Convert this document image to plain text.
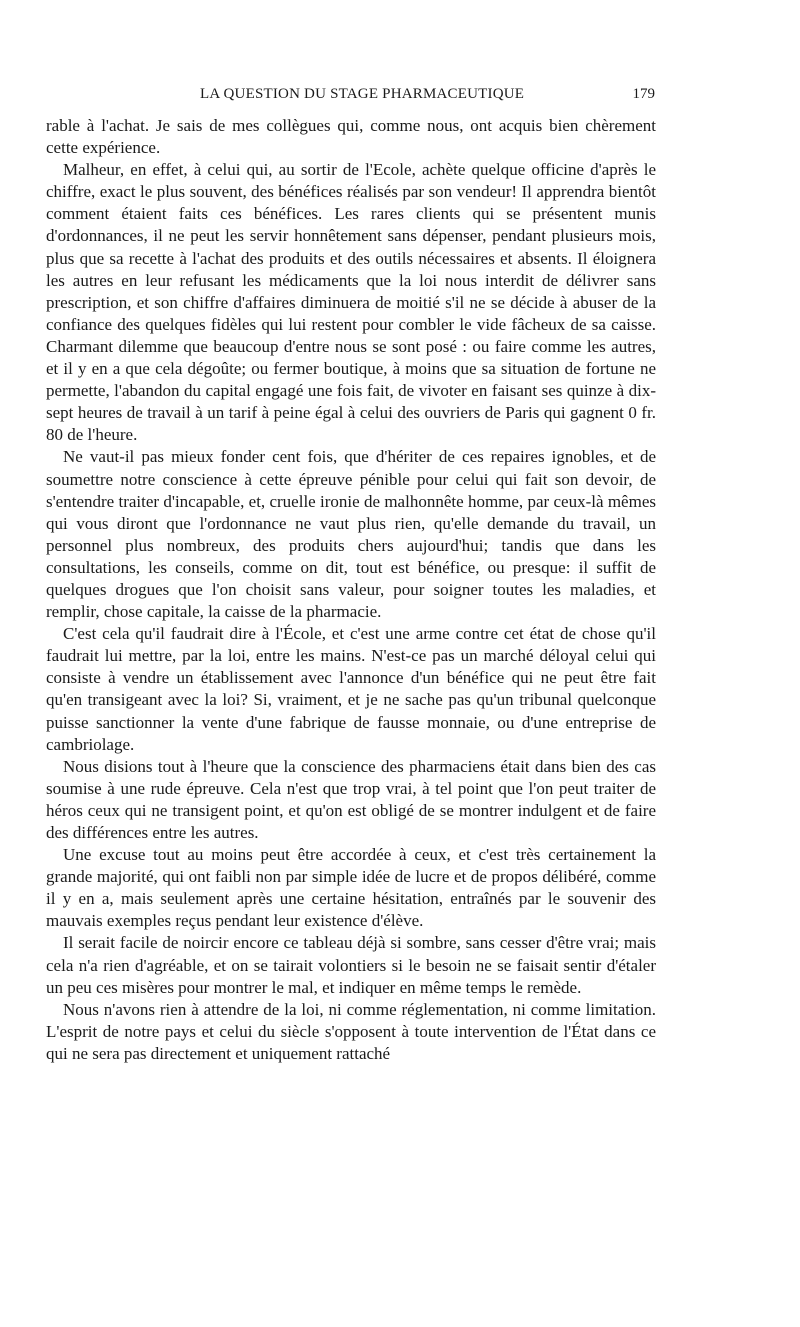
LA QUESTION DU STAGE PHARMACEUTIQUE	179

rable à l'achat. Je sais de mes collègues qui, comme nous, ont acquis bien chèrement cette expérience.

Malheur, en effet, à celui qui, au sortir de l'Ecole, achète quelque officine d'après le chiffre, exact le plus souvent, des bénéfices réalisés par son vendeur! Il apprendra bientôt comment étaient faits ces bénéfices. Les rares clients qui se présentent munis d'ordonnances, il ne peut les servir honnêtement sans dépenser, pendant plusieurs mois, plus que sa recette à l'achat des produits et des outils nécessaires et absents. Il éloignera les autres en leur refusant les médicaments que la loi nous interdit de délivrer sans prescription, et son chiffre d'affaires diminuera de moitié s'il ne se décide à abuser de la confiance des quelques fidèles qui lui restent pour combler le vide fâcheux de sa caisse. Charmant dilemme que beaucoup d'entre nous se sont posé : ou faire comme les autres, et il y en a que cela dégoûte; ou fermer boutique, à moins que sa situation de fortune ne permette, l'abandon du capital engagé une fois fait, de vivoter en faisant ses quinze à dix-sept heures de travail à un tarif à peine égal à celui des ouvriers de Paris qui gagnent 0 fr. 80 de l'heure.

Ne vaut-il pas mieux fonder cent fois, que d'hériter de ces repaires ignobles, et de soumettre notre conscience à cette épreuve pénible pour celui qui fait son devoir, de s'entendre traiter d'incapable, et, cruelle ironie de malhonnête homme, par ceux-là mêmes qui vous diront que l'ordonnance ne vaut plus rien, qu'elle demande du travail, un personnel plus nombreux, des produits chers aujourd'hui; tandis que dans les consultations, les conseils, comme on dit, tout est bénéfice, ou presque: il suffit de quelques drogues que l'on choisit sans valeur, pour soigner toutes les maladies, et remplir, chose capitale, la caisse de la pharmacie.

C'est cela qu'il faudrait dire à l'École, et c'est une arme contre cet état de chose qu'il faudrait lui mettre, par la loi, entre les mains. N'est-ce pas un marché déloyal celui qui consiste à vendre un établissement avec l'annonce d'un bénéfice qui ne peut être fait qu'en transigeant avec la loi? Si, vraiment, et je ne sache pas qu'un tribunal quelconque puisse sanctionner la vente d'une fabrique de fausse monnaie, ou d'une entreprise de cambriolage.

Nous disions tout à l'heure que la conscience des pharmaciens était dans bien des cas soumise à une rude épreuve. Cela n'est que trop vrai, à tel point que l'on peut traiter de héros ceux qui ne transigent point, et qu'on est obligé de se montrer indulgent et de faire des différences entre les autres.

Une excuse tout au moins peut être accordée à ceux, et c'est très certainement la grande majorité, qui ont faibli non par simple idée de lucre et de propos délibéré, comme il y en a, mais seulement après une certaine hésitation, entraînés par le souvenir des mauvais exemples reçus pendant leur existence d'élève.

Il serait facile de noircir encore ce tableau déjà si sombre, sans cesser d'être vrai; mais cela n'a rien d'agréable, et on se tairait volontiers si le besoin ne se faisait sentir d'étaler un peu ces misères pour montrer le mal, et indiquer en même temps le remède.

Nous n'avons rien à attendre de la loi, ni comme réglementation, ni comme limitation. L'esprit de notre pays et celui du siècle s'opposent à toute intervention de l'État dans ce qui ne sera pas directement et uniquement rattaché
